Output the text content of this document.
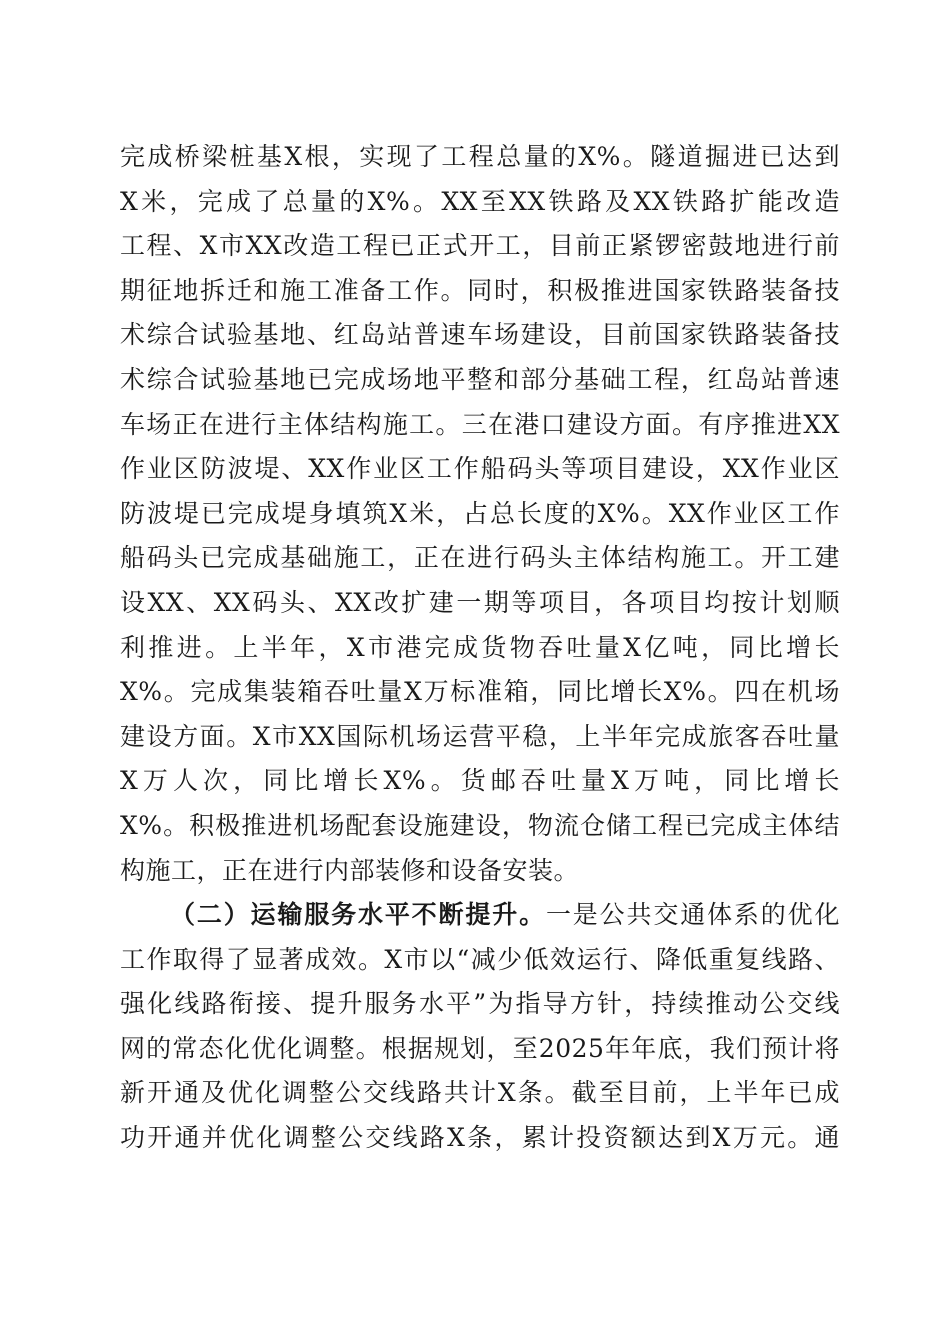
完成桥梁桩基X根，实现了工程总量的X%。隧道掘进已达到
X米，完成了总量的X%。XX至XX铁路及XX铁路扩能改造
工程、X市XX改造工程已正式开工，目前正紧锣密鼓地进行前
期征地拆迁和施工准备工作。同时，积极推进国家铁路装备技
术综合试验基地、红岛站普速车场建设，目前国家铁路装备技
术综合试验基地已完成场地平整和部分基础工程，红岛站普速
车场正在进行主体结构施工。三在港口建设方面。有序推进XX
作业区防波堤、XX作业区工作船码头等项目建设，XX作业区
防波堤已完成堤身填筑X米，占总长度的X%。XX作业区工作
船码头已完成基础施工，正在进行码头主体结构施工。开工建
设XX、XX码头、XX改扩建一期等项目，各项目均按计划顺
利推进。上半年，X市港完成货物吞吐量X亿吨，同比增长
X%。完成集装箱吞吐量X万标准箱，同比增长X%。四在机场
建设方面。X市XX国际机场运营平稳，上半年完成旅客吞吐量
X万人次，同比增长X%。货邮吞吐量X万吨，同比增长
X%。积极推进机场配套设施建设，物流仓储工程已完成主体结
构施工，正在进行内部装修和设备安装。
（二）运输服务水平不断提升。一是公共交通体系的优化
工作取得了显著成效。X市以“减少低效运行、降低重复线路、
强化线路衔接、提升服务水平”为指导方针，持续推动公交线
网的常态化优化调整。根据规划，至2025年年底，我们预计将
新开通及优化调整公交线路共计X条。截至目前，上半年已成
功开通并优化调整公交线路X条，累计投资额达到X万元。通
